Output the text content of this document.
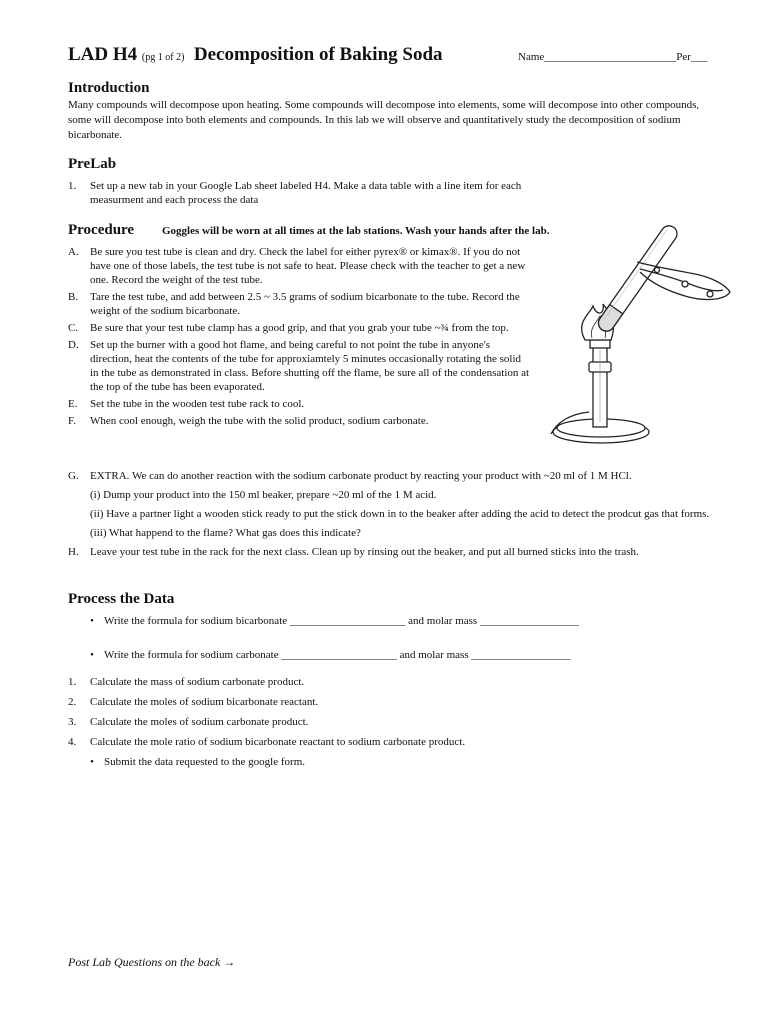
LAD H4 (pg 1 of 2) Decomposition of Baking Soda	Name________________________Per___
Introduction
Many compounds will decompose upon heating. Some compounds will decompose into elements, some will decompose into other compounds, some will decompose into both elements and compounds. In this lab we will observe and quantitatively study the decomposition of sodium bicarbonate.
PreLab
1.	Set up a new tab in your Google Lab sheet labeled H4. Make a data table with a line item for each measurment and each process the data
Procedure	Goggles will be worn at all times at the lab stations. Wash your hands after the lab.
A.	Be sure you test tube is clean and dry. Check the label for either pyrex® or kimax®. If you do not have one of those labels, the test tube is not safe to heat. Please check with the teacher to get a new one. Record the weight of the test tube.
B.	Tare the test tube, and add between 2.5 ~ 3.5 grams of sodium bicarbonate to the tube. Record the weight of the sodium bicarbonate.
C.	Be sure that your test tube clamp has a good grip, and that you grab your tube ~¾ from the top.
D.	Set up the burner with a good hot flame, and being careful to not point the tube in anyone's direction, heat the contents of the tube for approxiamtely 5 minutes occasionally rotating the solid in the tube as demonstrated in class. Before shutting off the flame, be sure all of the condensation at the top of the tube has been evaporated.
E.	Set the tube in the wooden test tube rack to cool.
F.	When cool enough, weigh the tube with the solid product, sodium carbonate.
G.	EXTRA. We can do another reaction with the sodium carbonate product by reacting your product with ~20 ml of 1 M HCl.
(i) Dump your product into the 150 ml beaker, prepare ~20 ml of the 1 M acid.
(ii) Have a partner light a wooden stick ready to put the stick down in to the beaker after adding the acid to detect the prodcut gas that forms.
(iii) What happend to the flame? What gas does this indicate?
H.	Leave your test tube in the rack for the next class. Clean up by rinsing out the beaker, and put all burned sticks into the trash.
Process the Data
• Write the formula for sodium bicarbonate _____________________ and molar mass __________________
• Write the formula for sodium carbonate _____________________ and molar mass __________________
1.	Calculate the mass of sodium carbonate product.
2.	Calculate the moles of sodium bicarbonate reactant.
3.	Calculate the moles of sodium carbonate product.
4.	Calculate the mole ratio of sodium bicarbonate reactant to sodium carbonate product.
• Submit the data requested to the google form.
Post Lab Questions on the back →
